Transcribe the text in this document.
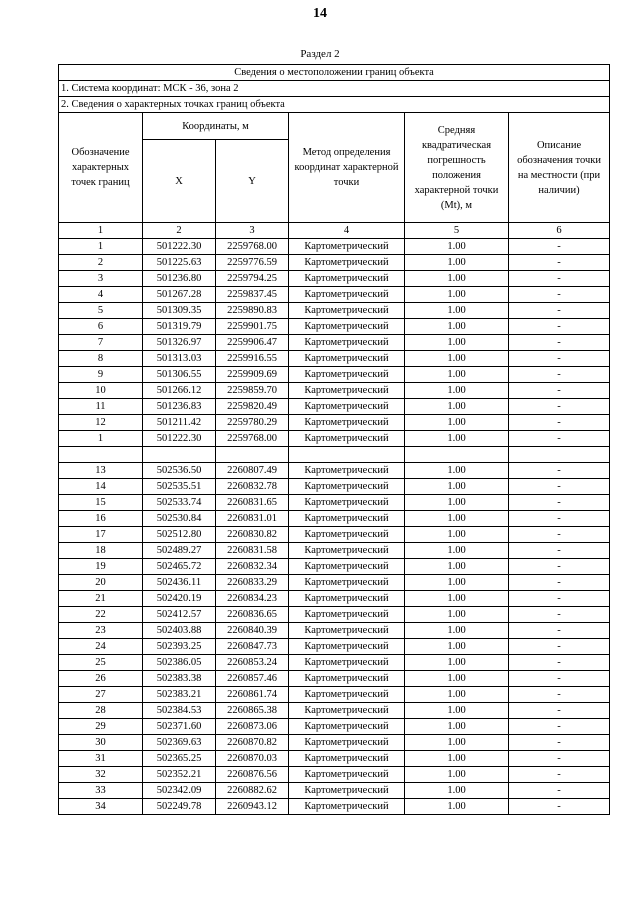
14
Раздел 2
Сведения о местоположении границ объекта					
1. Система координат: МСК - 36, зона 2					
2. Сведения о характерных точках границ объекта					
Обозначение характерных точек границ	Координаты, м		Метод определения координат характерной точки	Средняя квадратическая погрешность положения характерной точки (Mt), м	Описание обозначения точки на местности (при наличии)
	X	Y			
1	2	3	4	5	6
1	501222.30	2259768.00	Картометрический	1.00	-
2	501225.63	2259776.59	Картометрический	1.00	-
3	501236.80	2259794.25	Картометрический	1.00	-
4	501267.28	2259837.45	Картометрический	1.00	-
5	501309.35	2259890.83	Картометрический	1.00	-
6	501319.79	2259901.75	Картометрический	1.00	-
7	501326.97	2259906.47	Картометрический	1.00	-
8	501313.03	2259916.55	Картометрический	1.00	-
9	501306.55	2259909.69	Картометрический	1.00	-
10	501266.12	2259859.70	Картометрический	1.00	-
11	501236.83	2259820.49	Картометрический	1.00	-
12	501211.42	2259780.29	Картометрический	1.00	-
1	501222.30	2259768.00	Картометрический	1.00	-

13	502536.50	2260807.49	Картометрический	1.00	-
14	502535.51	2260832.78	Картометрический	1.00	-
15	502533.74	2260831.65	Картометрический	1.00	-
16	502530.84	2260831.01	Картометрический	1.00	-
17	502512.80	2260830.82	Картометрический	1.00	-
18	502489.27	2260831.58	Картометрический	1.00	-
19	502465.72	2260832.34	Картометрический	1.00	-
20	502436.11	2260833.29	Картометрический	1.00	-
21	502420.19	2260834.23	Картометрический	1.00	-
22	502412.57	2260836.65	Картометрический	1.00	-
23	502403.88	2260840.39	Картометрический	1.00	-
24	502393.25	2260847.73	Картометрический	1.00	-
25	502386.05	2260853.24	Картометрический	1.00	-
26	502383.38	2260857.46	Картометрический	1.00	-
27	502383.21	2260861.74	Картометрический	1.00	-
28	502384.53	2260865.38	Картометрический	1.00	-
29	502371.60	2260873.06	Картометрический	1.00	-
30	502369.63	2260870.82	Картометрический	1.00	-
31	502365.25	2260870.03	Картометрический	1.00	-
32	502352.21	2260876.56	Картометрический	1.00	-
33	502342.09	2260882.62	Картометрический	1.00	-
34	502249.78	2260943.12	Картометрический	1.00	-
